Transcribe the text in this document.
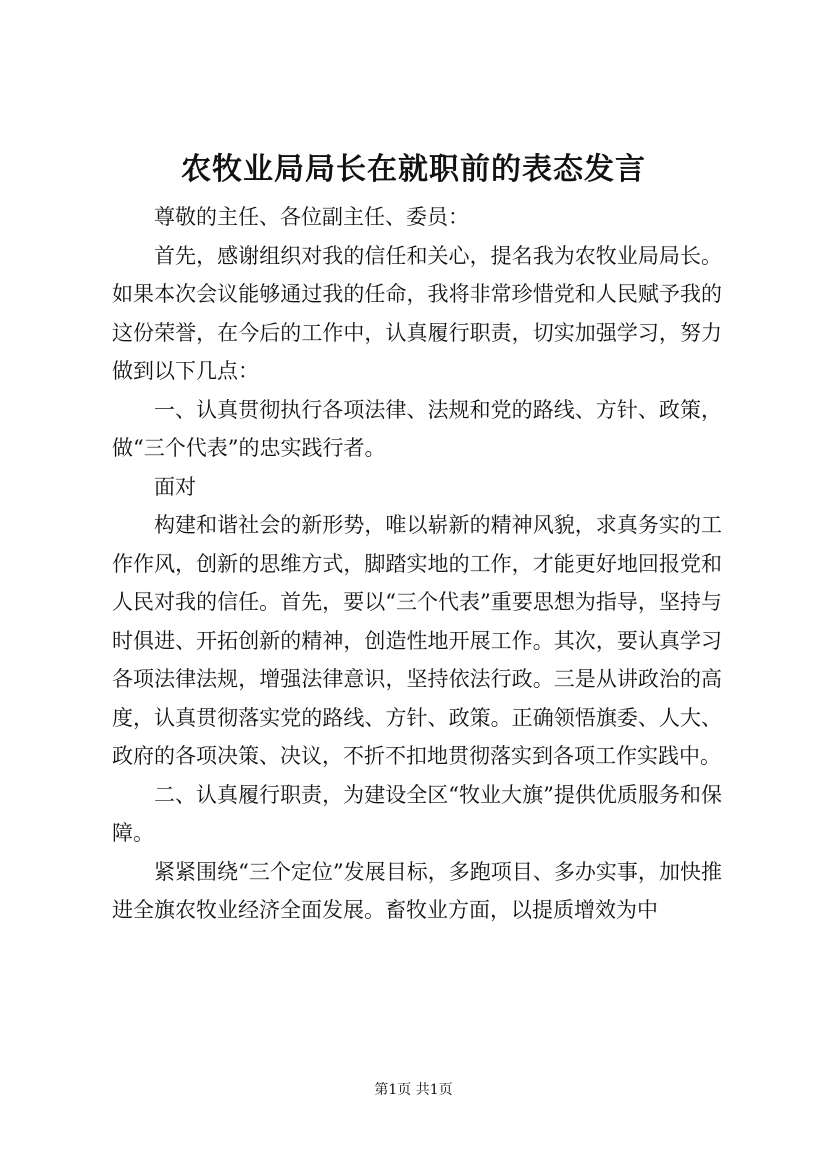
农牧业局局长在就职前的表态发言

尊敬的主任、各位副主任、委员：

首先，感谢组织对我的信任和关心，提名我为农牧业局局长。如果本次会议能够通过我的任命，我将非常珍惜党和人民赋予我的这份荣誉，在今后的工作中，认真履行职责，切实加强学习，努力做到以下几点：

一、认真贯彻执行各项法律、法规和党的路线、方针、政策，做“三个代表”的忠实践行者。

面对

构建和谐社会的新形势，唯以崭新的精神风貌，求真务实的工作作风，创新的思维方式，脚踏实地的工作，才能更好地回报党和人民对我的信任。首先，要以“三个代表”重要思想为指导，坚持与时俱进、开拓创新的精神，创造性地开展工作。其次，要认真学习各项法律法规，增强法律意识，坚持依法行政。三是从讲政治的高度，认真贯彻落实党的路线、方针、政策。正确领悟旗委、人大、政府的各项决策、决议，不折不扣地贯彻落实到各项工作实践中。

二、认真履行职责，为建设全区“牧业大旗”提供优质服务和保障。

紧紧围绕“三个定位”发展目标，多跑项目、多办实事，加快推进全旗农牧业经济全面发展。畜牧业方面，以提质增效为中

第1页 共1页
